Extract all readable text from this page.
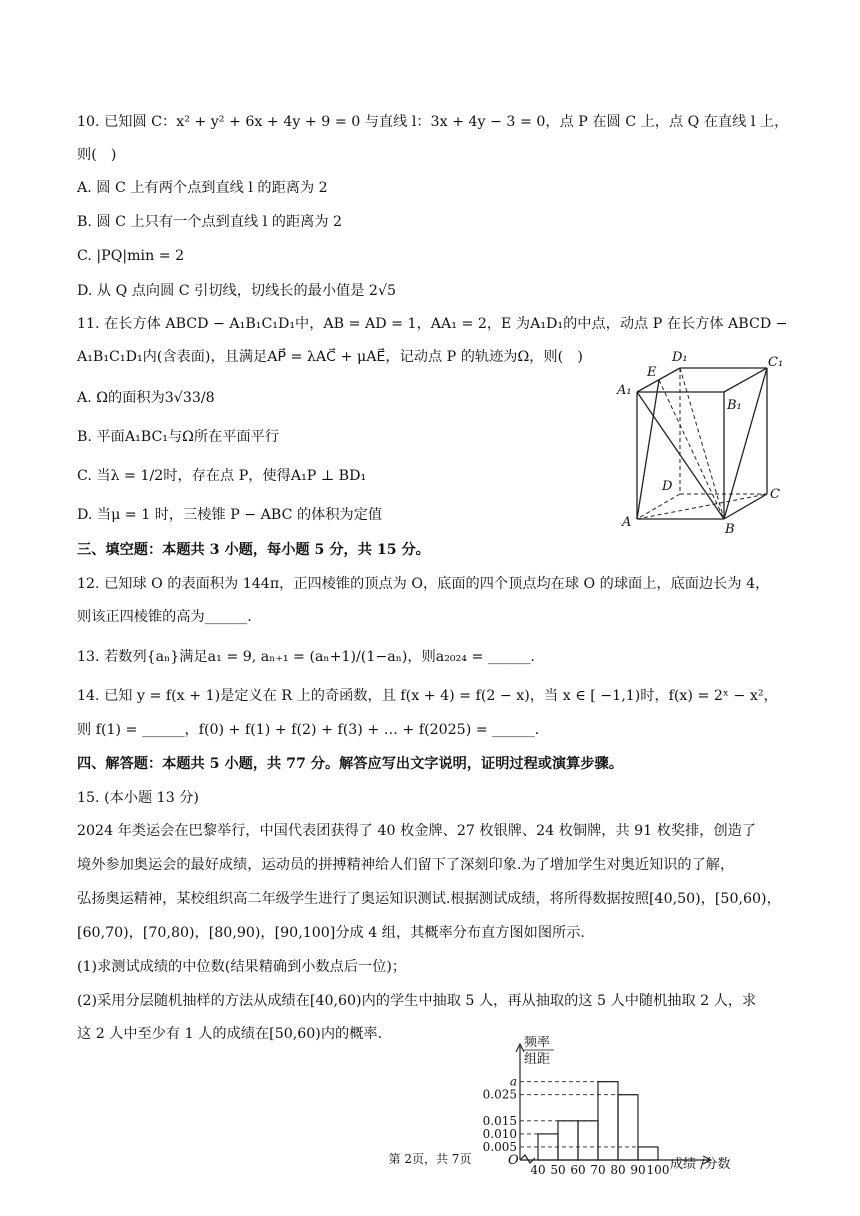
10. 已知圆 C：x² + y² + 6x + 4y + 9 = 0 与直线 l：3x + 4y − 3 = 0，点 P 在圆 C 上，点 Q 在直线 l 上，
则(　)
A. 圆 C 上有两个点到直线 l 的距离为 2
B. 圆 C 上只有一个点到直线 l 的距离为 2
C. |PQ|min = 2
D. 从 Q 点向圆 C 引切线，切线长的最小值是 2√5
11. 在长方体 ABCD − A₁B₁C₁D₁中，AB = AD = 1，AA₁ = 2，E 为A₁D₁的中点，动点 P 在长方体 ABCD −
A₁B₁C₁D₁内(含表面)，且满足AP⃗ = λAC⃗ + μAE⃗，记动点 P 的轨迹为Ω，则(　)
A. Ω的面积为3√33/8
B. 平面A₁BC₁与Ω所在平面平行
C. 当λ = 1/2时，存在点 P，使得A₁P ⊥ BD₁
D. 当μ = 1 时，三棱锥 P − ABC 的体积为定值
D₁	C₁
E
A₁
B₁
D
C
A	B
三、填空题：本题共 3 小题，每小题 5 分，共 15 分。
12. 已知球 O 的表面积为 144π，正四棱锥的顶点为 O，底面的四个顶点均在球 O 的球面上，底面边长为 4，
则该正四棱锥的高为______.
13. 若数列{aₙ}满足a₁ = 9, aₙ₊₁ = (aₙ+1)/(1−aₙ)，则a₂₀₂₄ = ______.
14. 已知 y = f(x + 1)是定义在 R 上的奇函数，且 f(x + 4) = f(2 − x)，当 x ∈ [ −1,1)时，f(x) = 2ˣ − x²，
则 f(1) = ______，f(0) + f(1) + f(2) + f(3) + … + f(2025) = ______.
四、解答题：本题共 5 小题，共 77 分。解答应写出文字说明，证明过程或演算步骤。
15. (本小题 13 分)
2024 年类运会在巴黎举行，中国代表团获得了 40 枚金牌、27 枚银牌、24 枚铜牌，共 91 枚奖排，创造了
境外参加奥运会的最好成绩，运动员的拼搏精神给人们留下了深刻印象.为了增加学生对奥近知识的了解，
弘扬奥运精神，某校组织高二年级学生进行了奥运知识测试.根据测试成绩，将所得数据按照[40,50)，[50,60)，
[60,70)，[70,80)，[80,90)，[90,100]分成 4 组，其概率分布直方图如图所示.
(1)求测试成绩的中位数(结果精确到小数点后一位)；
(2)采用分层随机抽样的方法从成绩在[40,60)内的学生中抽取 5 人，再从抽取的这 5 人中随机抽取 2 人，求
这 2 人中至少有 1 人的成绩在[50,60)内的概率.
0.005
0.010
0.015
0.025
a
40 50 60 70 80 90 100
频率
组距
O	成绩 /分数
第 2页，共 7页
